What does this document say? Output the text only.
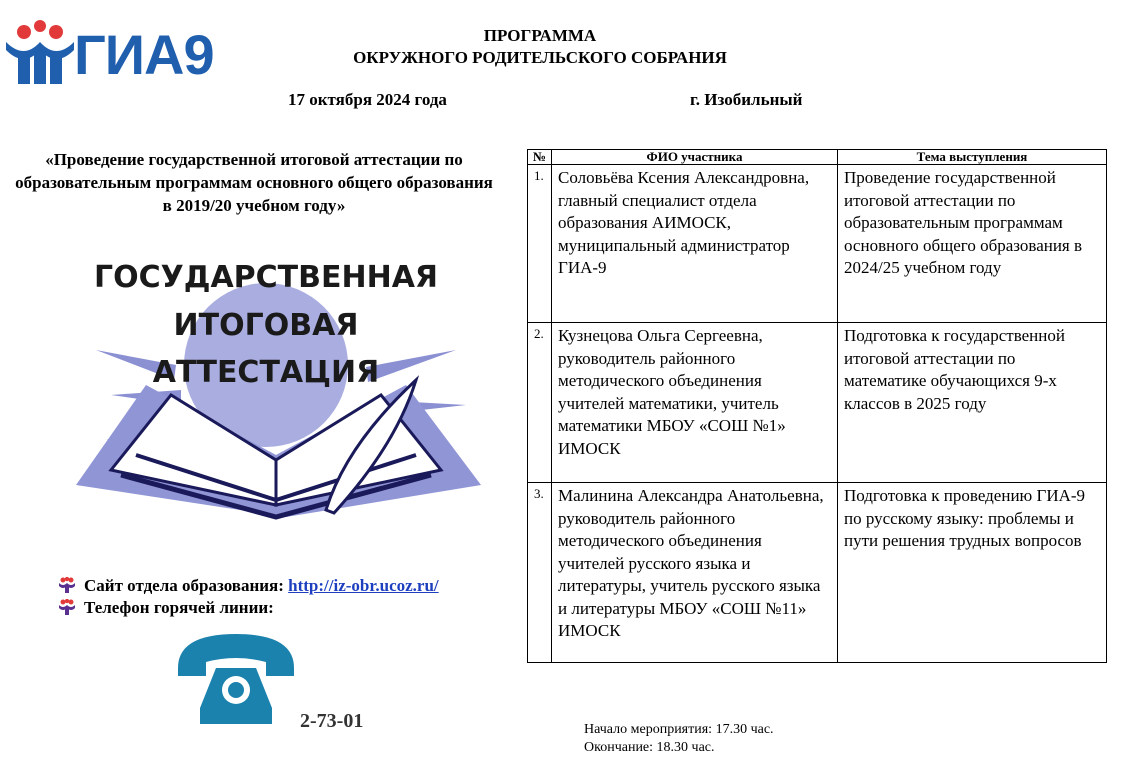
ГИА9	ПРОГРАММА
ОКРУЖНОГО РОДИТЕЛЬСКОГО СОБРАНИЯ
17 октября 2024 года	г. Изобильный
«Проведение государственной итоговой аттестации по образовательным программам основного общего образования в 2019/20 учебном году»
ГОСУДАРСТВЕННАЯ
ИТОГОВАЯ
АТТЕСТАЦИЯ
Сайт отдела образования: http://iz-obr.ucoz.ru/
Телефон горячей линии:
2-73-01
№	ФИО участника	Тема выступления
1.	Соловьёва Ксения Александровна, главный специалист отдела образования АИМОСК, муниципальный администратор ГИА-9	Проведение государственной итоговой аттестации по образовательным программам основного общего образования в 2024/25 учебном году
2.	Кузнецова Ольга Сергеевна, руководитель районного методического объединения учителей математики, учитель математики МБОУ «СОШ №1» ИМОСК	Подготовка к государственной итоговой аттестации по математике обучающихся 9-х классов в 2025 году
3.	Малинина Александра Анатольевна, руководитель районного методического объединения учителей русского языка и литературы, учитель русского языка и литературы МБОУ «СОШ №11» ИМОСК	Подготовка к проведению ГИА-9 по русскому языку: проблемы и пути решения трудных вопросов
Начало мероприятия: 17.30 час.
Окончание: 18.30 час.
